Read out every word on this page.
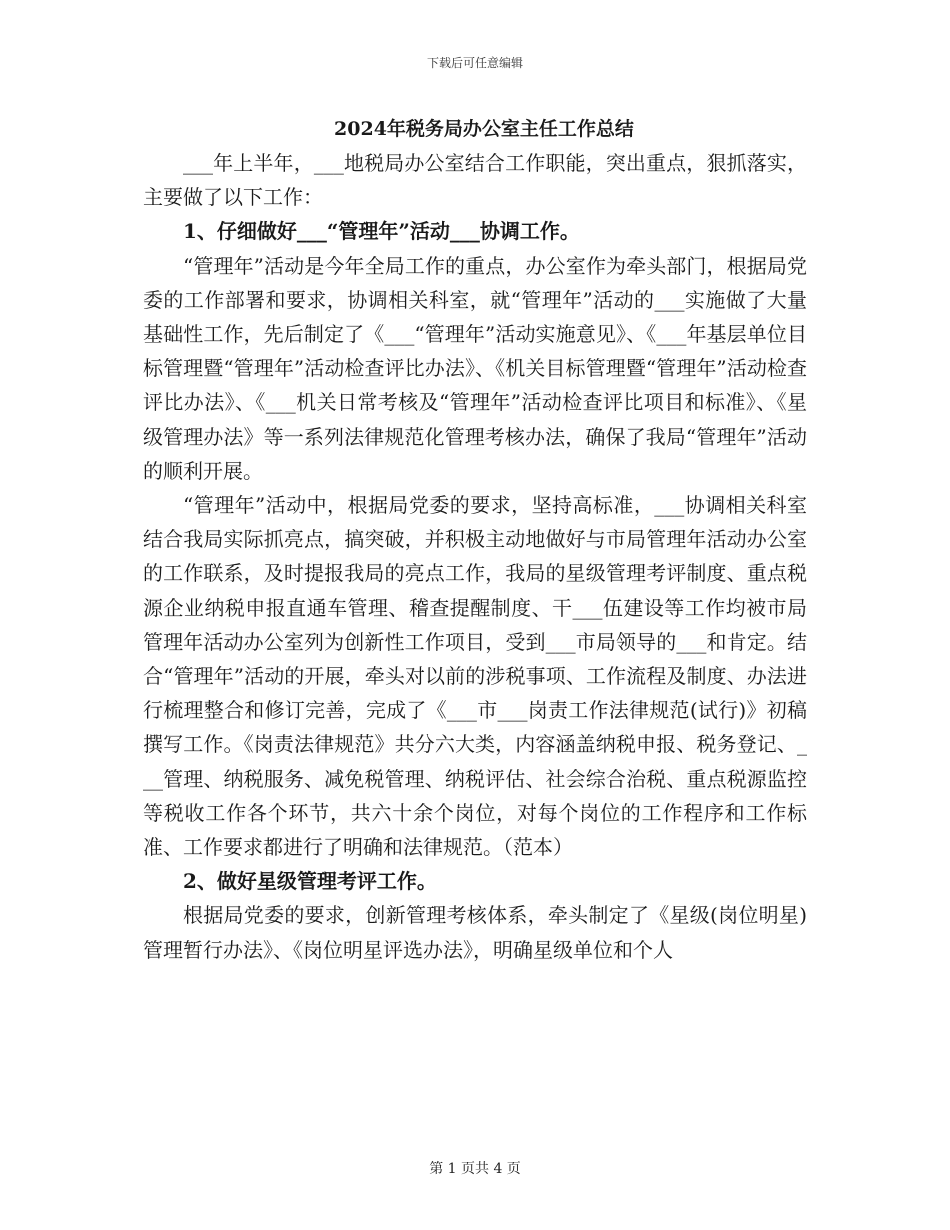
下载后可任意编辑
2024年税务局办公室主任工作总结

___年上半年，___地税局办公室结合工作职能，突出重点，狠抓落实，主要做了以下工作：

1、仔细做好___“管理年”活动___协调工作。

“管理年”活动是今年全局工作的重点，办公室作为牵头部门，根据局党委的工作部署和要求，协调相关科室，就“管理年”活动的___实施做了大量基础性工作，先后制定了《___“管理年”活动实施意见》、《___年基层单位目标管理暨“管理年”活动检查评比办法》、《机关目标管理暨“管理年”活动检查评比办法》、《___机关日常考核及“管理年”活动检查评比项目和标准》、《星级管理办法》等一系列法律规范化管理考核办法，确保了我局“管理年”活动的顺利开展。

“管理年”活动中，根据局党委的要求，坚持高标准，___协调相关科室结合我局实际抓亮点，搞突破，并积极主动地做好与市局管理年活动办公室的工作联系，及时提报我局的亮点工作，我局的星级管理考评制度、重点税源企业纳税申报直通车管理、稽查提醒制度、干___伍建设等工作均被市局管理年活动办公室列为创新性工作项目，受到___市局领导的___和肯定。结合“管理年”活动的开展，牵头对以前的涉税事项、工作流程及制度、办法进行梳理整合和修订完善，完成了《___市___岗责工作法律规范(试行)》初稿撰写工作。《岗责法律规范》共分六大类，内容涵盖纳税申报、税务登记、___管理、纳税服务、减免税管理、纳税评估、社会综合治税、重点税源监控等税收工作各个环节，共六十余个岗位，对每个岗位的工作程序和工作标准、工作要求都进行了明确和法律规范。（范本）

2、做好星级管理考评工作。

根据局党委的要求，创新管理考核体系，牵头制定了《星级(岗位明星)管理暂行办法》、《岗位明星评选办法》，明确星级单位和个人

第 1 页共 4 页
